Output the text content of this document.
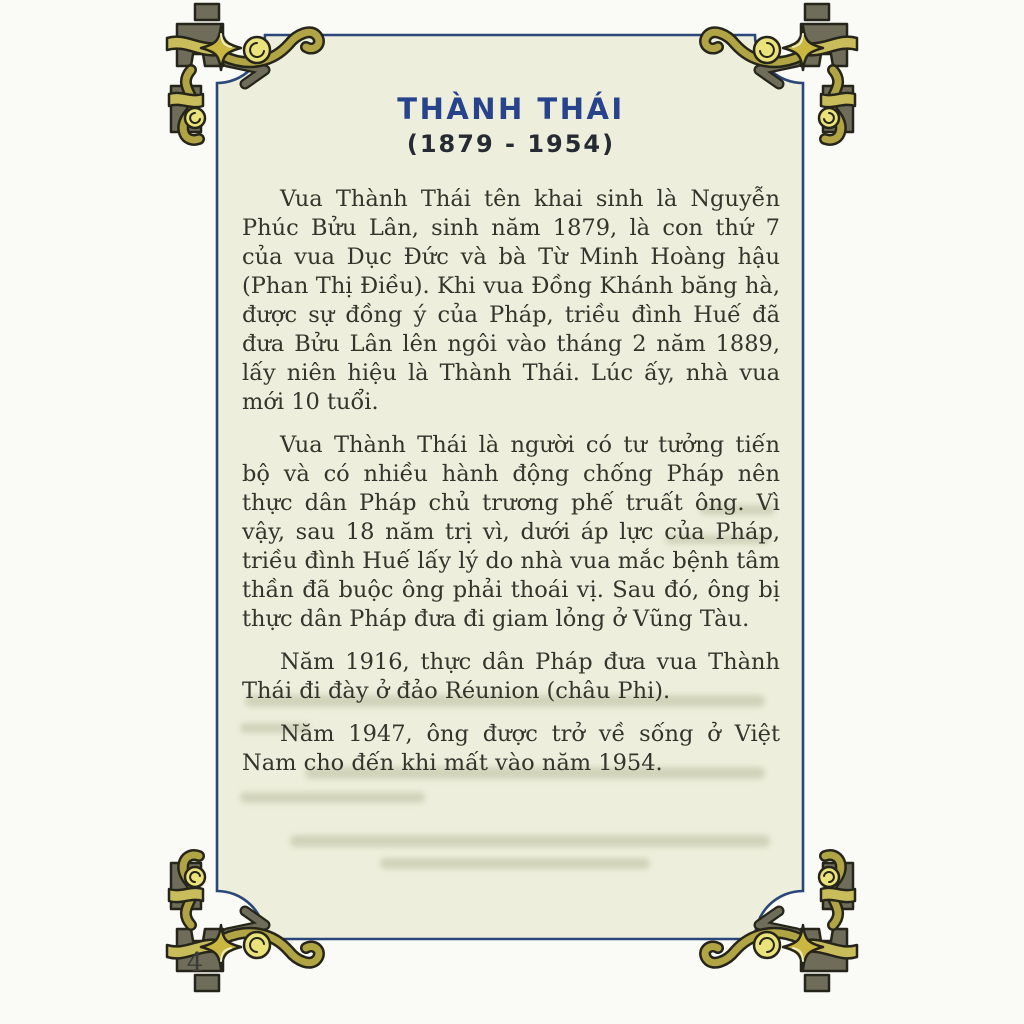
THÀNH THÁI
(1879 - 1954)

Vua Thành Thái tên khai sinh là Nguyễn Phúc Bửu Lân, sinh năm 1879, là con thứ 7 của vua Dục Đức và bà Từ Minh Hoàng hậu (Phan Thị Điều). Khi vua Đồng Khánh băng hà, được sự đồng ý của Pháp, triều đình Huế đã đưa Bửu Lân lên ngôi vào tháng 2 năm 1889, lấy niên hiệu là Thành Thái. Lúc ấy, nhà vua mới 10 tuổi.

Vua Thành Thái là người có tư tưởng tiến bộ và có nhiều hành động chống Pháp nên thực dân Pháp chủ trương phế truất ông. Vì vậy, sau 18 năm trị vì, dưới áp lực của Pháp, triều đình Huế lấy lý do nhà vua mắc bệnh tâm thần đã buộc ông phải thoái vị. Sau đó, ông bị thực dân Pháp đưa đi giam lỏng ở Vũng Tàu.

Năm 1916, thực dân Pháp đưa vua Thành Thái đi đày ở đảo Réunion (châu Phi).

Năm 1947, ông được trở về sống ở Việt Nam cho đến khi mất vào năm 1954.

4
